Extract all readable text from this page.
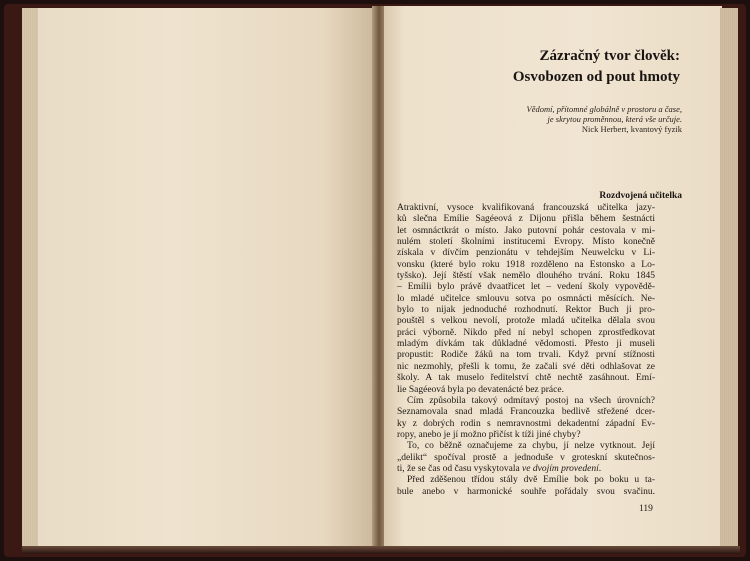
Zázračný tvor člověk:
Osvobozen od pout hmoty
Vědomí, přítomné globálně v prostoru a čase,
je skrytou proměnnou, která vše určuje.
Nick Herbert, kvantový fyzik
Rozdvojená učitelka
Atraktivní, vysoce kvalifikovaná francouzská učitelka jazy-
ků slečna Emílie Sagéeová z Dijonu přišla během šestnácti
let osmnáctkrát o místo. Jako putovní pohár cestovala v mi-
nulém století školními institucemi Evropy. Místo konečně
získala v dívčím penzionátu v tehdejším Neuwelcku v Li-
vonsku (které bylo roku 1918 rozděleno na Estonsko a Lo-
tyšsko). Její štěstí však nemělo dlouhého trvání. Roku 1845
– Emílii bylo právě dvaatřicet let – vedení školy vypovědě-
lo mladé učitelce smlouvu sotva po osmnácti měsících. Ne-
bylo to nijak jednoduché rozhodnutí. Rektor Buch ji pro-
pouštěl s velkou nevolí, protože mladá učitelka dělala svou
práci výborně. Nikdo před ní nebyl schopen zprostředkovat
mladým dívkám tak důkladné vědomosti. Přesto ji museli
propustit: Rodiče žáků na tom trvali. Když první stížnosti
nic nezmohly, přešli k tomu, že začali své děti odhlašovat ze
školy. A tak muselo ředitelství chtě nechtě zasáhnout. Emí-
lie Sagéeová byla po devatenácté bez práce.
Čím způsobila takový odmítavý postoj na všech úrovních?
Seznamovala snad mladá Francouzka bedlivě střežené dcer-
ky z dobrých rodin s nemravnostmi dekadentní západní Ev-
ropy, anebo je jí možno přičíst k tíži jiné chyby?
To, co běžně označujeme za chybu, jí nelze vytknout. Její
„delikt“ spočíval prostě a jednoduše v groteskní skutečnos-
ti, že se čas od času vyskytovala ve dvojím provedení.
Před zděšenou třídou stály dvě Emílie bok po boku u ta-
bule anebo v harmonické souhře pořádaly svou svačinu.
119
